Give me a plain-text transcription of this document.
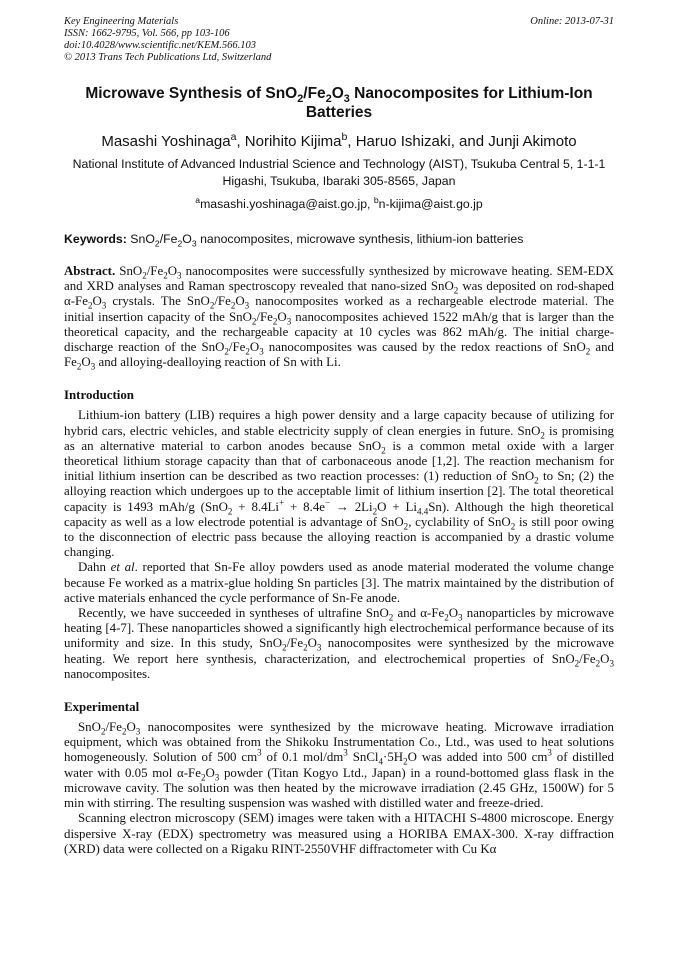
Key Engineering Materials
ISSN: 1662-9795, Vol. 566, pp 103-106
doi:10.4028/www.scientific.net/KEM.566.103
© 2013 Trans Tech Publications Ltd, Switzerland
Online: 2013-07-31
Microwave Synthesis of $SnO_2/Fe_2O_3$ Nanocomposites for Lithium-Ion Batteries
Masashi Yoshinaga$^a$, Norihito Kijima$^b$, Haruo Ishizaki, and Junji Akimoto
National Institute of Advanced Industrial Science and Technology (AIST), Tsukuba Central 5, 1-1-1 Higashi, Tsukuba, Ibaraki 305-8565, Japan
$^a$masashi.yoshinaga@aist.go.jp, $^b$n-kijima@aist.go.jp
Keywords: $SnO_2/Fe_2O_3$ nanocomposites, microwave synthesis, lithium-ion batteries
Abstract. $SnO_2/Fe_2O_3$ nanocomposites were successfully synthesized by microwave heating. SEM-EDX and XRD analyses and Raman spectroscopy revealed that nano-sized SnO$_2$ was deposited on rod-shaped $\alpha-Fe_2O_3$ crystals. The $SnO_2/Fe_2O_3$ nanocomposites worked as a rechargeable electrode material. The initial insertion capacity of the $SnO_2/Fe_2O_3$ nanocomposites achieved 1522 mAh/g that is larger than the theoretical capacity, and the rechargeable capacity at 10 cycles was 862 mAh/g. The initial charge-discharge reaction of the $SnO_2/Fe_2O_3$ nanocomposites was caused by the redox reactions of SnO$_2$ and $Fe_2O_3$ and alloying-dealloying reaction of Sn with Li.
Introduction

Lithium-ion battery (LIB) requires a high power density and a large capacity because of utilizing for hybrid cars, electric vehicles, and stable electricity supply of clean energies in future. SnO$_2$ is promising as an alternative material to carbon anodes because SnO$_2$ is a common metal oxide with a larger theoretical lithium storage capacity than that of carbonaceous anode [1,2]. The reaction mechanism for initial lithium insertion can be described as two reaction processes: (1) reduction of SnO$_2$ to Sn; (2) the alloying reaction which undergoes up to the acceptable limit of lithium insertion [2]. The total theoretical capacity is 1493 mAh/g $(SnO_2 + 8.4Li^+ + 8.4e^- \to 2Li_2O + Li_{4.4}Sn)$. Although the high theoretical capacity as well as a low electrode potential is advantage of SnO$_2$, cyclability of SnO$_2$ is still poor owing to the disconnection of electric pass because the alloying reaction is accompanied by a drastic volume changing.

Dahn et al. reported that Sn-Fe alloy powders used as anode material moderated the volume change because Fe worked as a matrix-glue holding Sn particles [3]. The matrix maintained by the distribution of active materials enhanced the cycle performance of Sn-Fe anode.

Recently, we have succeeded in syntheses of ultrafine SnO$_2$ and $\alpha-Fe_2O_3$ nanoparticles by microwave heating [4-7]. These nanoparticles showed a significantly high electrochemical performance because of its uniformity and size. In this study, $SnO_2/Fe_2O_3$ nanocomposites were synthesized by the microwave heating. We report here synthesis, characterization, and electrochemical properties of $SnO_2/Fe_2O_3$ nanocomposites.

Experimental

$SnO_2/Fe_2O_3$ nanocomposites were synthesized by the microwave heating. Microwave irradiation equipment, which was obtained from the Shikoku Instrumentation Co., Ltd., was used to heat solutions homogeneously. Solution of 500 $cm^3$ of 0.1 mol/$dm^3$ $SnCl_4\cdot 5H_2O$ was added into 500 $cm^3$ of distilled water with 0.05 mol $\alpha-Fe_2O_3$ powder (Titan Kogyo Ltd., Japan) in a round-bottomed glass flask in the microwave cavity. The solution was then heated by the microwave irradiation (2.45 GHz, 1500W) for 5 min with stirring. The resulting suspension was washed with distilled water and freeze-dried.

Scanning electron microscopy (SEM) images were taken with a HITACHI S-4800 microscope. Energy dispersive X-ray (EDX) spectrometry was measured using a HORIBA EMAX-300. X-ray diffraction (XRD) data were collected on a Rigaku RINT-2550VHF diffractometer with Cu Kα
